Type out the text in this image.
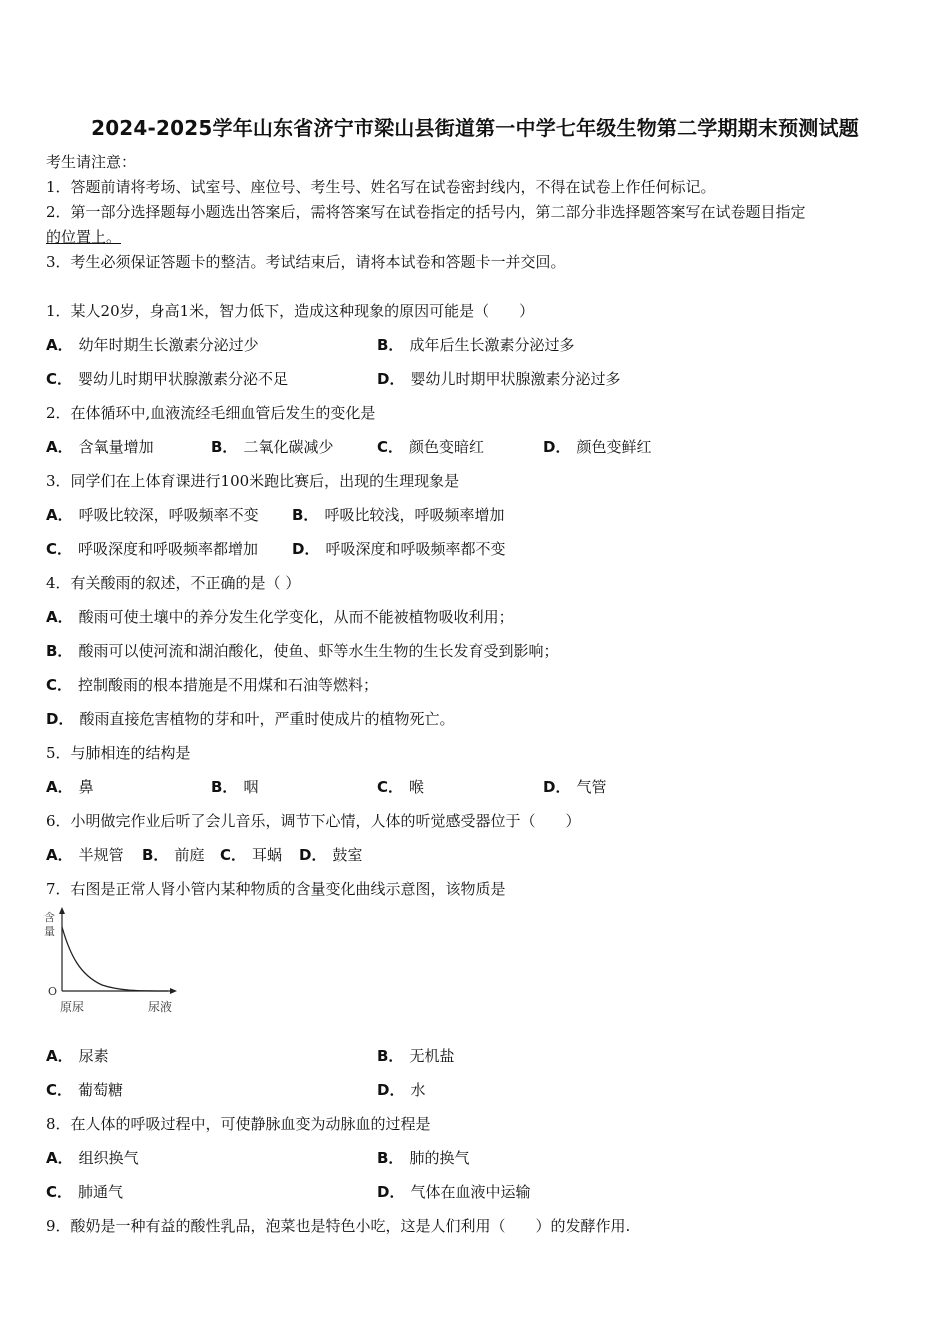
2024-2025学年山东省济宁市梁山县街道第一中学七年级生物第二学期期末预测试题
考生请注意：
1．答题前请将考场、试室号、座位号、考生号、姓名写在试卷密封线内，不得在试卷上作任何标记。
2．第一部分选择题每小题选出答案后，需将答案写在试卷指定的括号内，第二部分非选择题答案写在试卷题目指定
的位置上。
3．考生必须保证答题卡的整洁。考试结束后，请将本试卷和答题卡一并交回。
1．某人20岁，身高1米，智力低下，造成这种现象的原因可能是（　　）
A． 幼年时期生长激素分泌过少	B． 成年后生长激素分泌过多
C． 婴幼儿时期甲状腺激素分泌不足	D． 婴幼儿时期甲状腺激素分泌过多
2．在体循环中,血液流经毛细血管后发生的变化是
A． 含氧量增加	B． 二氧化碳减少	C． 颜色变暗红	D． 颜色变鲜红
3．同学们在上体育课进行100米跑比赛后，出现的生理现象是
A． 呼吸比较深，呼吸频率不变 B． 呼吸比较浅，呼吸频率增加
C． 呼吸深度和呼吸频率都增加 D． 呼吸深度和呼吸频率都不变
4．有关酸雨的叙述，不正确的是（ ）
A． 酸雨可使土壤中的养分发生化学变化，从而不能被植物吸收利用；
B． 酸雨可以使河流和湖泊酸化，使鱼、虾等水生生物的生长发育受到影响；
C． 控制酸雨的根本措施是不用煤和石油等燃料；
D． 酸雨直接危害植物的芽和叶，严重时使成片的植物死亡。
5．与肺相连的结构是
A． 鼻	B． 咽	C． 喉	D． 气管
6．小明做完作业后听了会儿音乐，调节下心情，人体的听觉感受器位于（　　）
A． 半规管 B． 前庭 C． 耳蜗 D． 鼓室
7．右图是正常人肾小管内某种物质的含量变化曲线示意图，该物质是
含
量
O
原尿	尿液
A． 尿素	B． 无机盐
C． 葡萄糖	D． 水
8．在人体的呼吸过程中，可使静脉血变为动脉血的过程是
A． 组织换气	B． 肺的换气
C． 肺通气	D． 气体在血液中运输
9．酸奶是一种有益的酸性乳品，泡菜也是特色小吃，这是人们利用（　　）的发酵作用.
